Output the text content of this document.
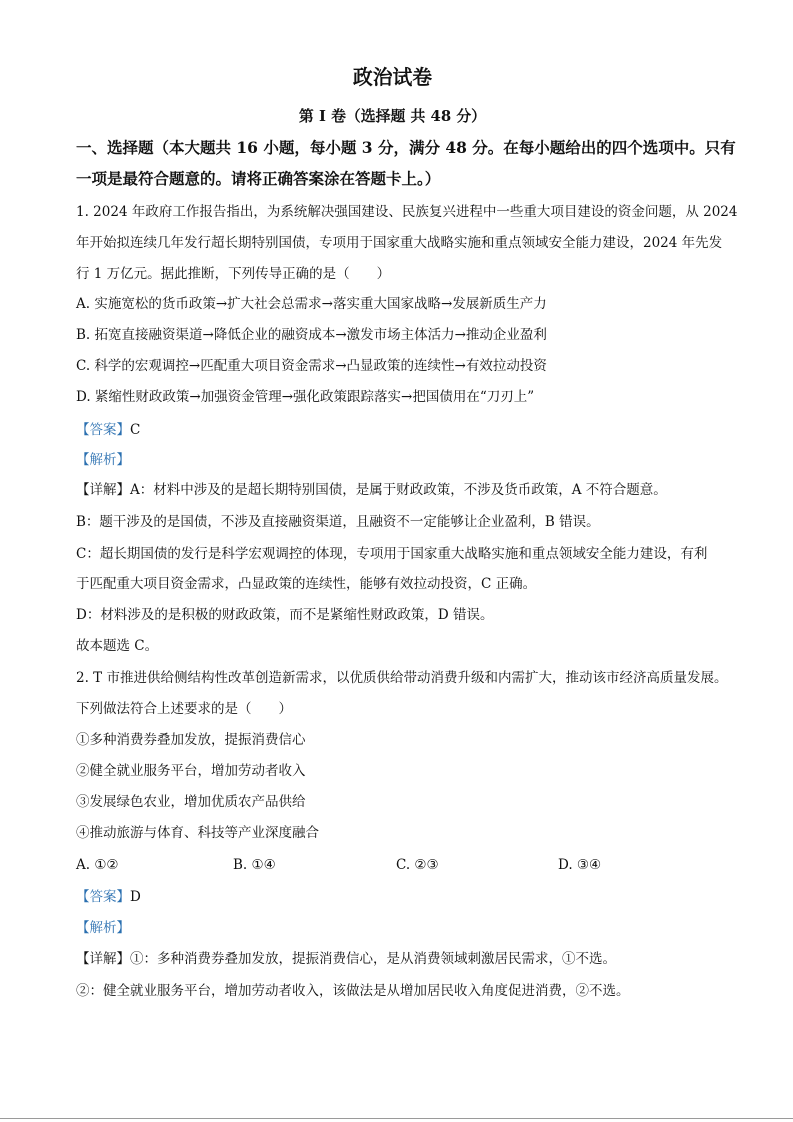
政治试卷
第 I 卷（选择题 共 48 分）
一、选择题（本大题共 16 小题，每小题 3 分，满分 48 分。在每小题给出的四个选项中。只有
一项是最符合题意的。请将正确答案涂在答题卡上。）
1. 2024 年政府工作报告指出，为系统解决强国建设、民族复兴进程中一些重大项目建设的资金问题，从 2024
年开始拟连续几年发行超长期特别国债，专项用于国家重大战略实施和重点领域安全能力建设，2024 年先发
行 1 万亿元。据此推断，下列传导正确的是（　　）
A. 实施宽松的货币政策→扩大社会总需求→落实重大国家战略→发展新质生产力
B. 拓宽直接融资渠道→降低企业的融资成本→激发市场主体活力→推动企业盈利
C. 科学的宏观调控→匹配重大项目资金需求→凸显政策的连续性→有效拉动投资
D. 紧缩性财政政策→加强资金管理→强化政策跟踪落实→把国债用在“刀刃上”
【答案】C
【解析】
【详解】A：材料中涉及的是超长期特别国债，是属于财政政策，不涉及货币政策，A 不符合题意。
B：题干涉及的是国债，不涉及直接融资渠道，且融资不一定能够让企业盈利，B 错误。
C：超长期国债的发行是科学宏观调控的体现，专项用于国家重大战略实施和重点领域安全能力建设，有利
于匹配重大项目资金需求，凸显政策的连续性，能够有效拉动投资，C 正确。
D：材料涉及的是积极的财政政策，而不是紧缩性财政政策，D 错误。
故本题选 C。
2. T 市推进供给侧结构性改革创造新需求，以优质供给带动消费升级和内需扩大，推动该市经济高质量发展。
下列做法符合上述要求的是（　　）
①多种消费券叠加发放，提振消费信心
②健全就业服务平台，增加劳动者收入
③发展绿色农业，增加优质农产品供给
④推动旅游与体育、科技等产业深度融合
A. ①②	B. ①④	C. ②③	D. ③④
【答案】D
【解析】
【详解】①：多种消费券叠加发放，提振消费信心，是从消费领域刺激居民需求，①不选。
②：健全就业服务平台，增加劳动者收入，该做法是从增加居民收入角度促进消费，②不选。
